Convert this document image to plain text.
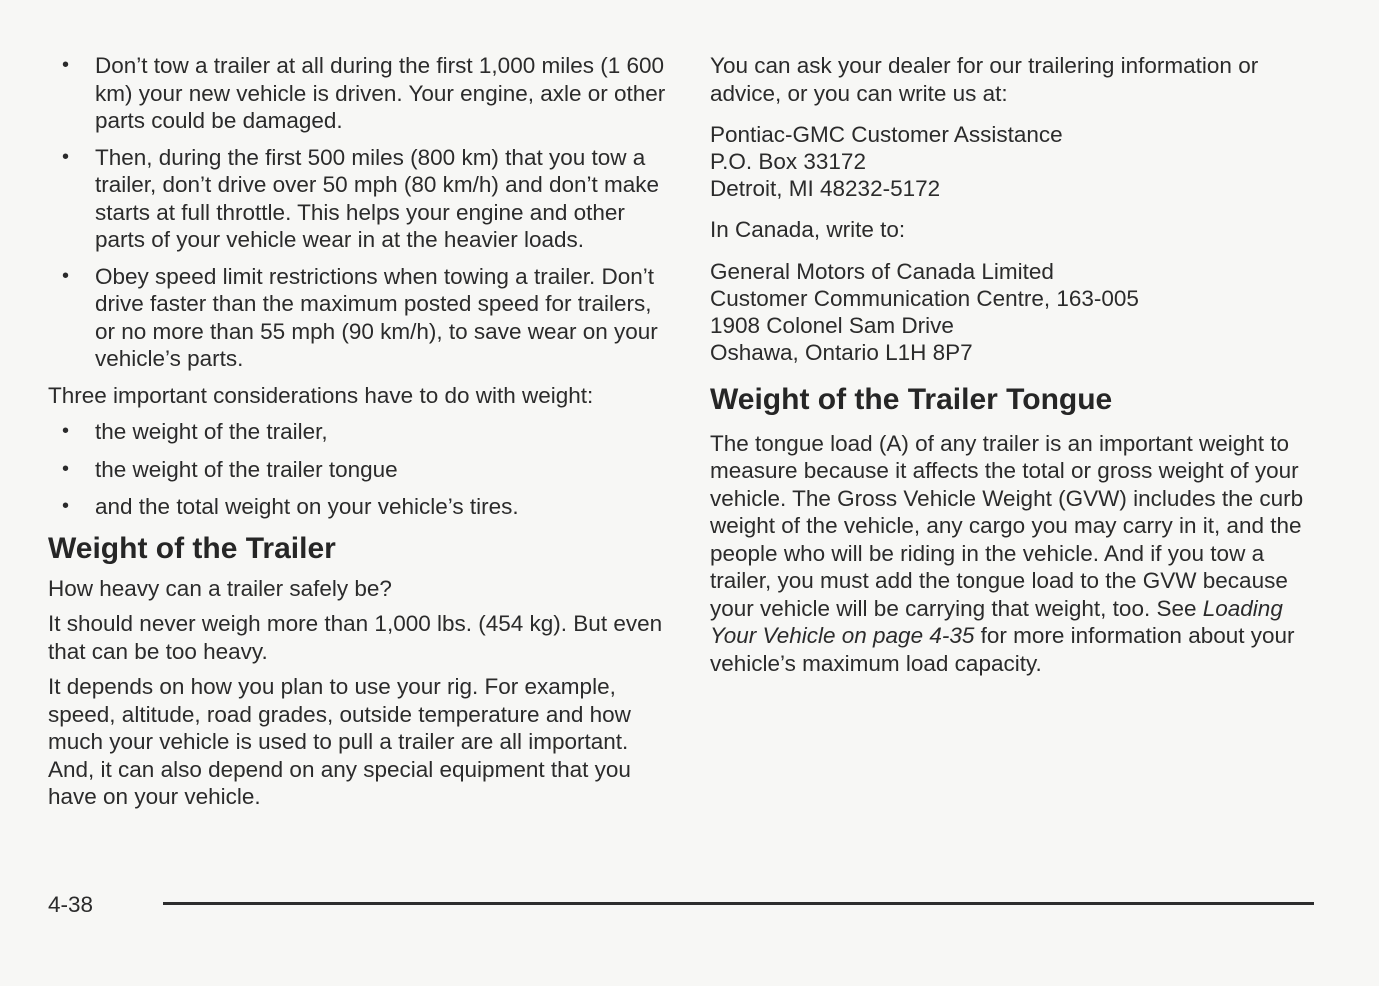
• Don’t tow a trailer at all during the first 1,000 miles (1 600 km) your new vehicle is driven. Your engine, axle or other parts could be damaged.
• Then, during the first 500 miles (800 km) that you tow a trailer, don’t drive over 50 mph (80 km/h) and don’t make starts at full throttle. This helps your engine and other parts of your vehicle wear in at the heavier loads.
• Obey speed limit restrictions when towing a trailer. Don’t drive faster than the maximum posted speed for trailers, or no more than 55 mph (90 km/h), to save wear on your vehicle’s parts.

Three important considerations have to do with weight:

• the weight of the trailer,
• the weight of the trailer tongue
• and the total weight on your vehicle’s tires.
Weight of the Trailer

How heavy can a trailer safely be?

It should never weigh more than 1,000 lbs. (454 kg). But even that can be too heavy.

It depends on how you plan to use your rig. For example, speed, altitude, road grades, outside temperature and how much your vehicle is used to pull a trailer are all important. And, it can also depend on any special equipment that you have on your vehicle.

You can ask your dealer for our trailering information or advice, or you can write us at:

Pontiac-GMC Customer Assistance

P.O. Box 33172

Detroit, MI 48232-5172

In Canada, write to:

General Motors of Canada Limited

Customer Communication Centre, 163-005

1908 Colonel Sam Drive

Oshawa, Ontario L1H 8P7

Weight of the Trailer Tongue

The tongue load (A) of any trailer is an important weight to measure because it affects the total or gross weight of your vehicle. The Gross Vehicle Weight (GVW) includes the curb weight of the vehicle, any cargo you may carry in it, and the people who will be riding in the vehicle. And if you tow a trailer, you must add the tongue load to the GVW because your vehicle will be carrying that weight, too. See Loading Your Vehicle on page 4-35 for more information about your vehicle’s maximum load capacity.

4-38
